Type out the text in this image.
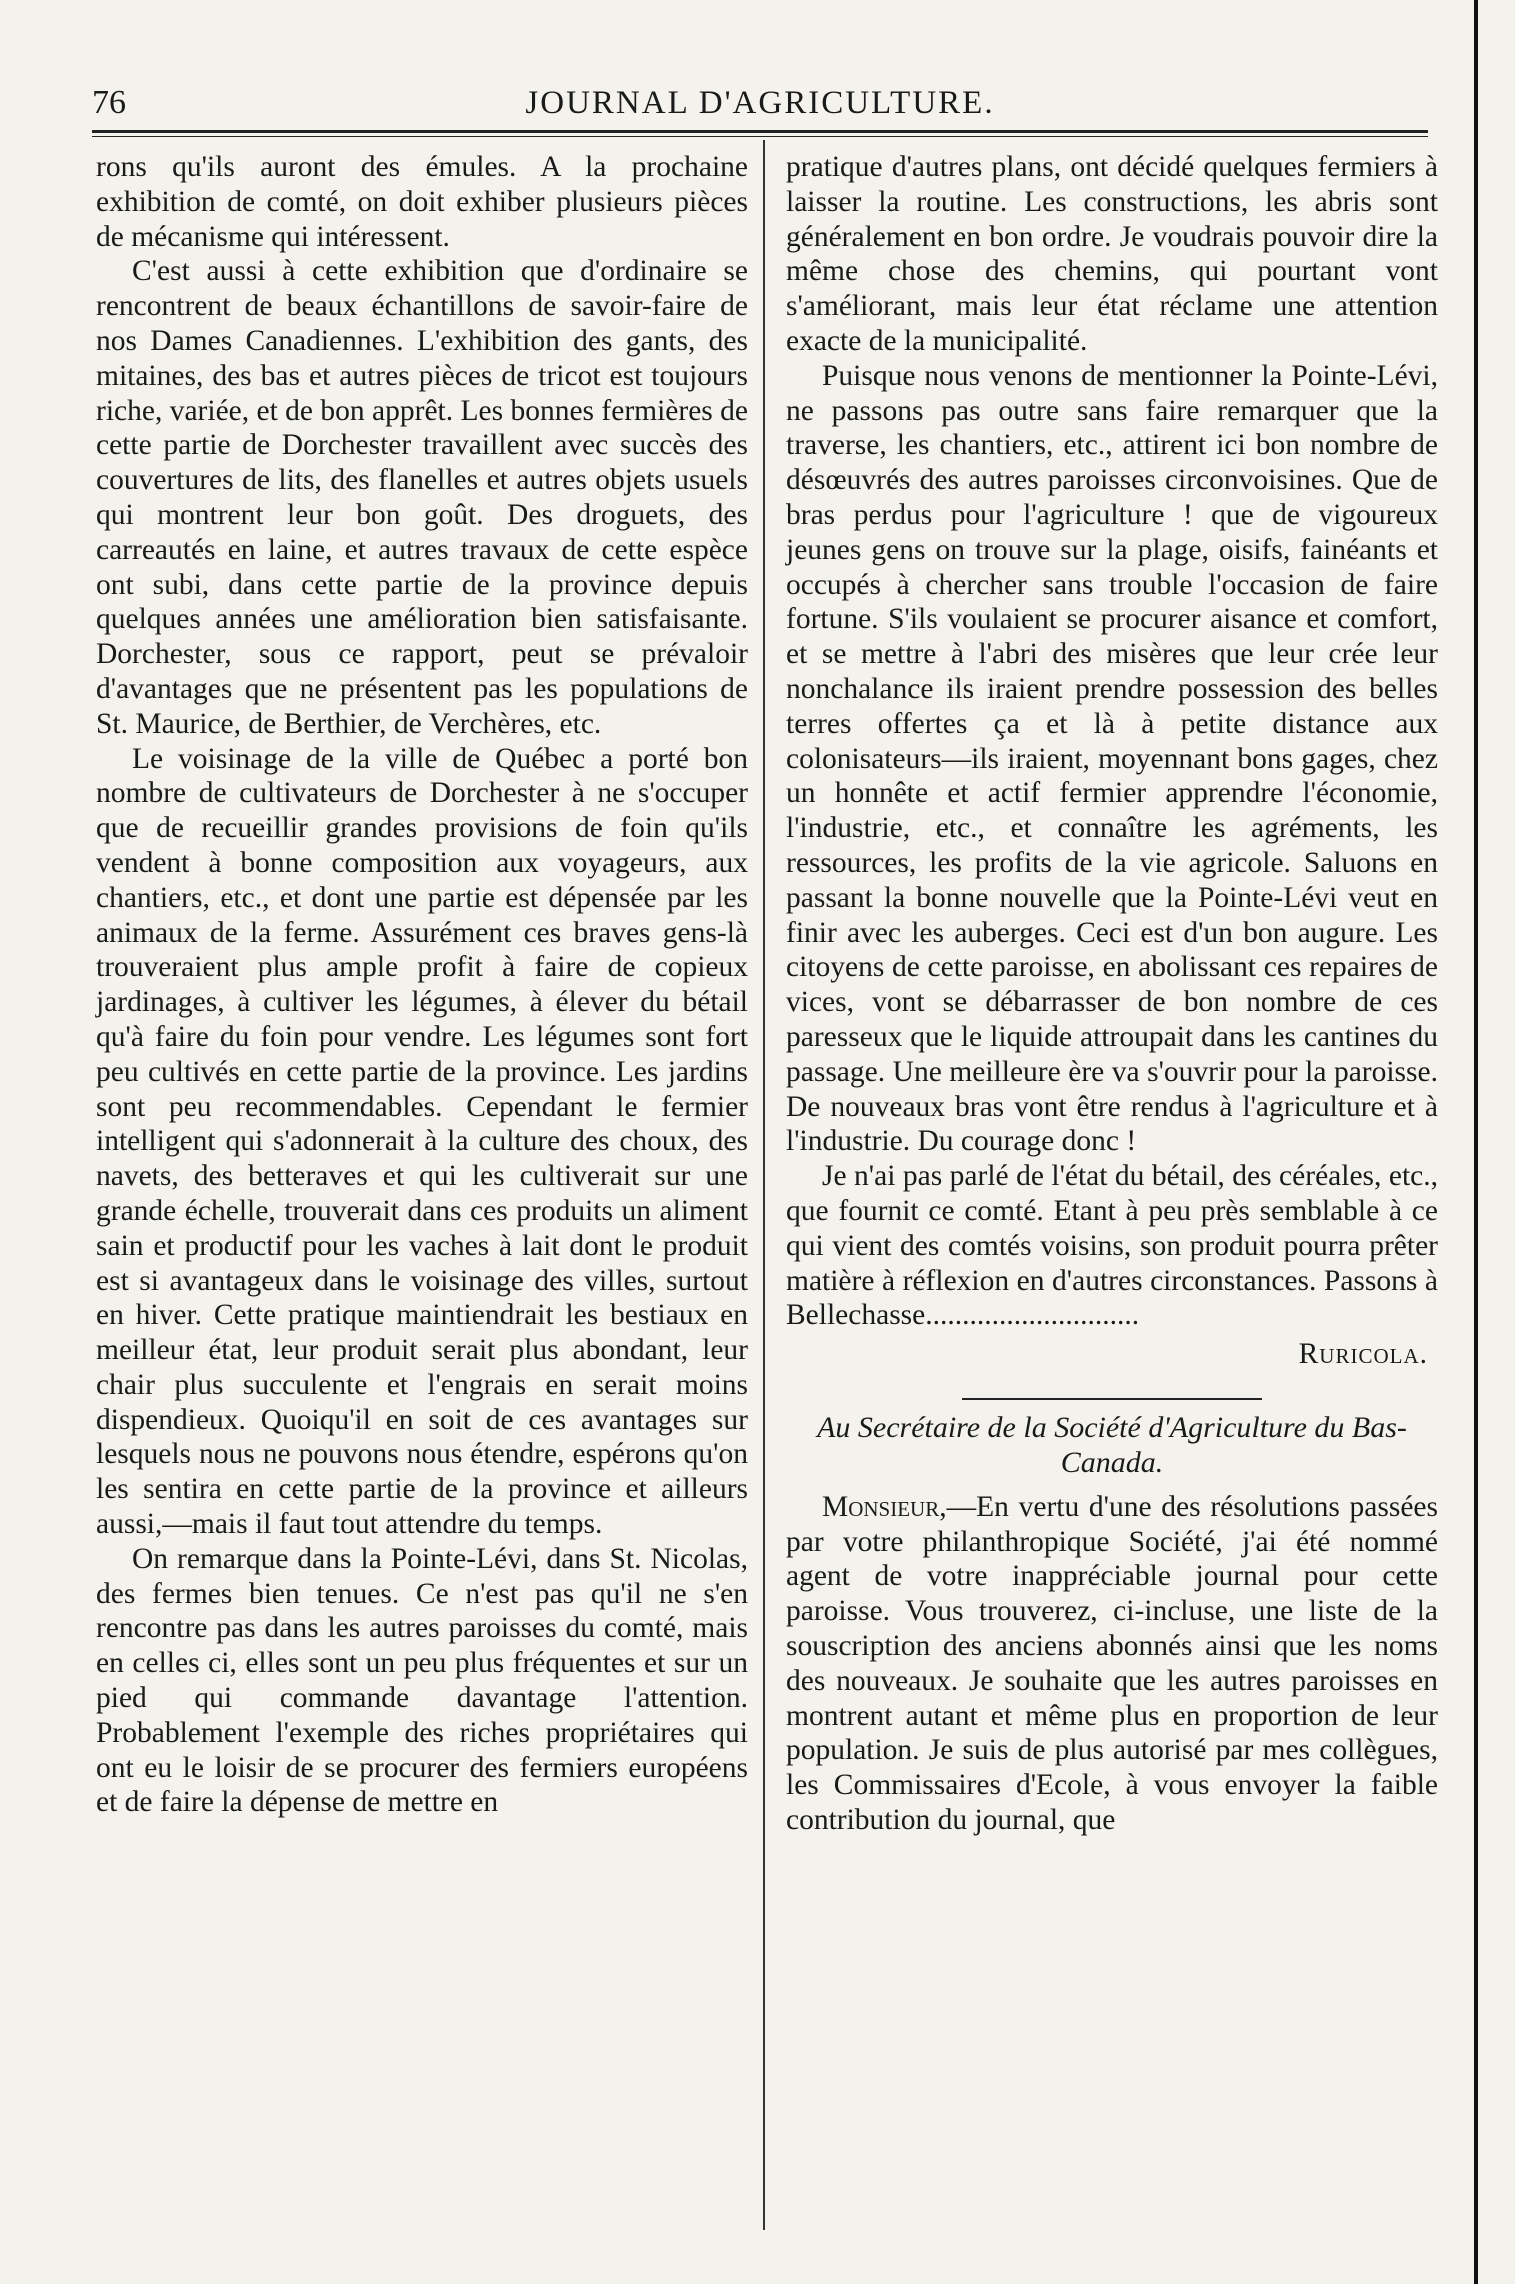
76	JOURNAL D'AGRICULTURE.

rons qu'ils auront des émules. A la prochaine exhibition de comté, on doit exhiber plusieurs pièces de mécanisme qui intéressent.

C'est aussi à cette exhibition que d'ordinaire se rencontrent de beaux échantillons de savoir-faire de nos Dames Canadiennes. L'exhibition des gants, des mitaines, des bas et autres pièces de tricot est toujours riche, variée, et de bon apprêt. Les bonnes fermières de cette partie de Dorchester travaillent avec succès des couvertures de lits, des flanelles et autres objets usuels qui montrent leur bon goût. Des droguets, des carreautés en laine, et autres travaux de cette espèce ont subi, dans cette partie de la province depuis quelques années une amélioration bien satisfaisante. Dorchester, sous ce rapport, peut se prévaloir d'avantages que ne présentent pas les populations de St. Maurice, de Berthier, de Verchères, etc.

Le voisinage de la ville de Québec a porté bon nombre de cultivateurs de Dorchester à ne s'occuper que de recueillir grandes provisions de foin qu'ils vendent à bonne composition aux voyageurs, aux chantiers, etc., et dont une partie est dépensée par les animaux de la ferme. Assurément ces braves gens-là trouveraient plus ample profit à faire de copieux jardinages, à cultiver les légumes, à élever du bétail qu'à faire du foin pour vendre. Les légumes sont fort peu cultivés en cette partie de la province. Les jardins sont peu recommendables. Cependant le fermier intelligent qui s'adonnerait à la culture des choux, des navets, des betteraves et qui les cultiverait sur une grande échelle, trouverait dans ces produits un aliment sain et productif pour les vaches à lait dont le produit est si avantageux dans le voisinage des villes, surtout en hiver. Cette pratique maintiendrait les bestiaux en meilleur état, leur produit serait plus abondant, leur chair plus succulente et l'engrais en serait moins dispendieux. Quoiqu'il en soit de ces avantages sur lesquels nous ne pouvons nous étendre, espérons qu'on les sentira en cette partie de la province et ailleurs aussi,—mais il faut tout attendre du temps.

On remarque dans la Pointe-Lévi, dans St. Nicolas, des fermes bien tenues. Ce n'est pas qu'il ne s'en rencontre pas dans les autres paroisses du comté, mais en celles ci, elles sont un peu plus fréquentes et sur un pied qui commande davantage l'attention. Probablement l'exemple des riches propriétaires qui ont eu le loisir de se procurer des fermiers européens et de faire la dépense de mettre en

pratique d'autres plans, ont décidé quelques fermiers à laisser la routine. Les constructions, les abris sont généralement en bon ordre. Je voudrais pouvoir dire la même chose des chemins, qui pourtant vont s'améliorant, mais leur état réclame une attention exacte de la municipalité.

Puisque nous venons de mentionner la Pointe-Lévi, ne passons pas outre sans faire remarquer que la traverse, les chantiers, etc., attirent ici bon nombre de désœuvrés des autres paroisses circonvoisines. Que de bras perdus pour l'agriculture ! que de vigoureux jeunes gens on trouve sur la plage, oisifs, fainéants et occupés à chercher sans trouble l'occasion de faire fortune. S'ils voulaient se procurer aisance et comfort, et se mettre à l'abri des misères que leur crée leur nonchalance ils iraient prendre possession des belles terres offertes ça et là à petite distance aux colonisateurs—ils iraient, moyennant bons gages, chez un honnête et actif fermier apprendre l'économie, l'industrie, etc., et connaître les agréments, les ressources, les profits de la vie agricole. Saluons en passant la bonne nouvelle que la Pointe-Lévi veut en finir avec les auberges. Ceci est d'un bon augure. Les citoyens de cette paroisse, en abolissant ces repaires de vices, vont se débarrasser de bon nombre de ces paresseux que le liquide attroupait dans les cantines du passage. Une meilleure ère va s'ouvrir pour la paroisse. De nouveaux bras vont être rendus à l'agriculture et à l'industrie. Du courage donc !

Je n'ai pas parlé de l'état du bétail, des céréales, etc., que fournit ce comté. Etant à peu près semblable à ce qui vient des comtés voisins, son produit pourra prêter matière à réflexion en d'autres circonstances. Passons à Bellechasse.............................

Ruricola.
Au Secrétaire de la Société d'Agriculture du Bas-Canada.

Monsieur,—En vertu d'une des résolutions passées par votre philanthropique Société, j'ai été nommé agent de votre inappréciable journal pour cette paroisse. Vous trouverez, ci-incluse, une liste de la souscription des anciens abonnés ainsi que les noms des nouveaux. Je souhaite que les autres paroisses en montrent autant et même plus en proportion de leur population. Je suis de plus autorisé par mes collègues, les Commissaires d'Ecole, à vous envoyer la faible contribution du journal, que
